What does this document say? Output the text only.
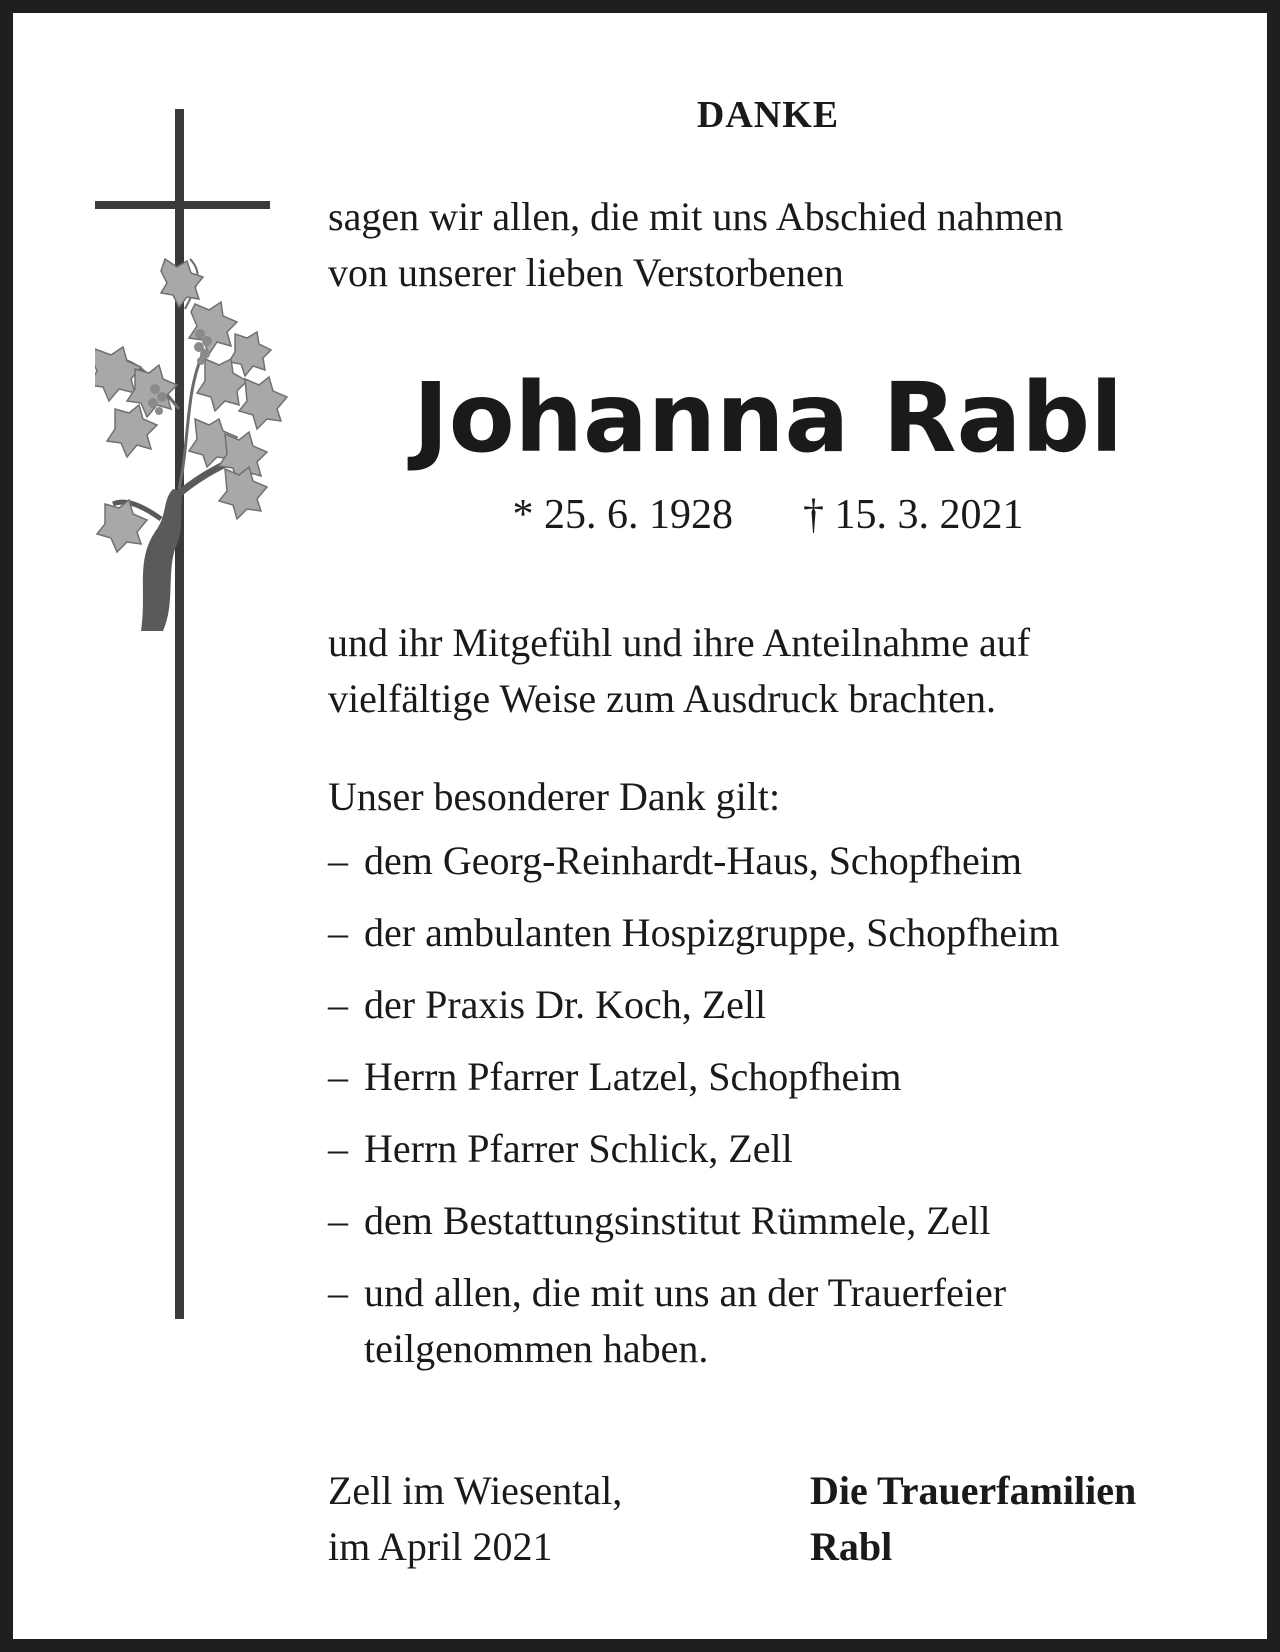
DANKE

sagen wir allen, die mit uns Abschied nahmen
von unserer lieben Verstorbenen

Johanna Rabl

* 25. 6. 1928 † 15. 3. 2021

und ihr Mitgefühl und ihre Anteilnahme auf
vielfältige Weise zum Ausdruck brachten.

Unser besonderer Dank gilt:

– dem Georg-Reinhardt-Haus, Schopfheim
– der ambulanten Hospizgruppe, Schopfheim
– der Praxis Dr. Koch, Zell
– Herrn Pfarrer Latzel, Schopfheim
– Herrn Pfarrer Schlick, Zell
– dem Bestattungsinstitut Rümmele, Zell
– und allen, die mit uns an der Trauerfeier
teilgenommen haben.

Zell im Wiesental,
im April 2021

Die Trauerfamilien
Rabl
